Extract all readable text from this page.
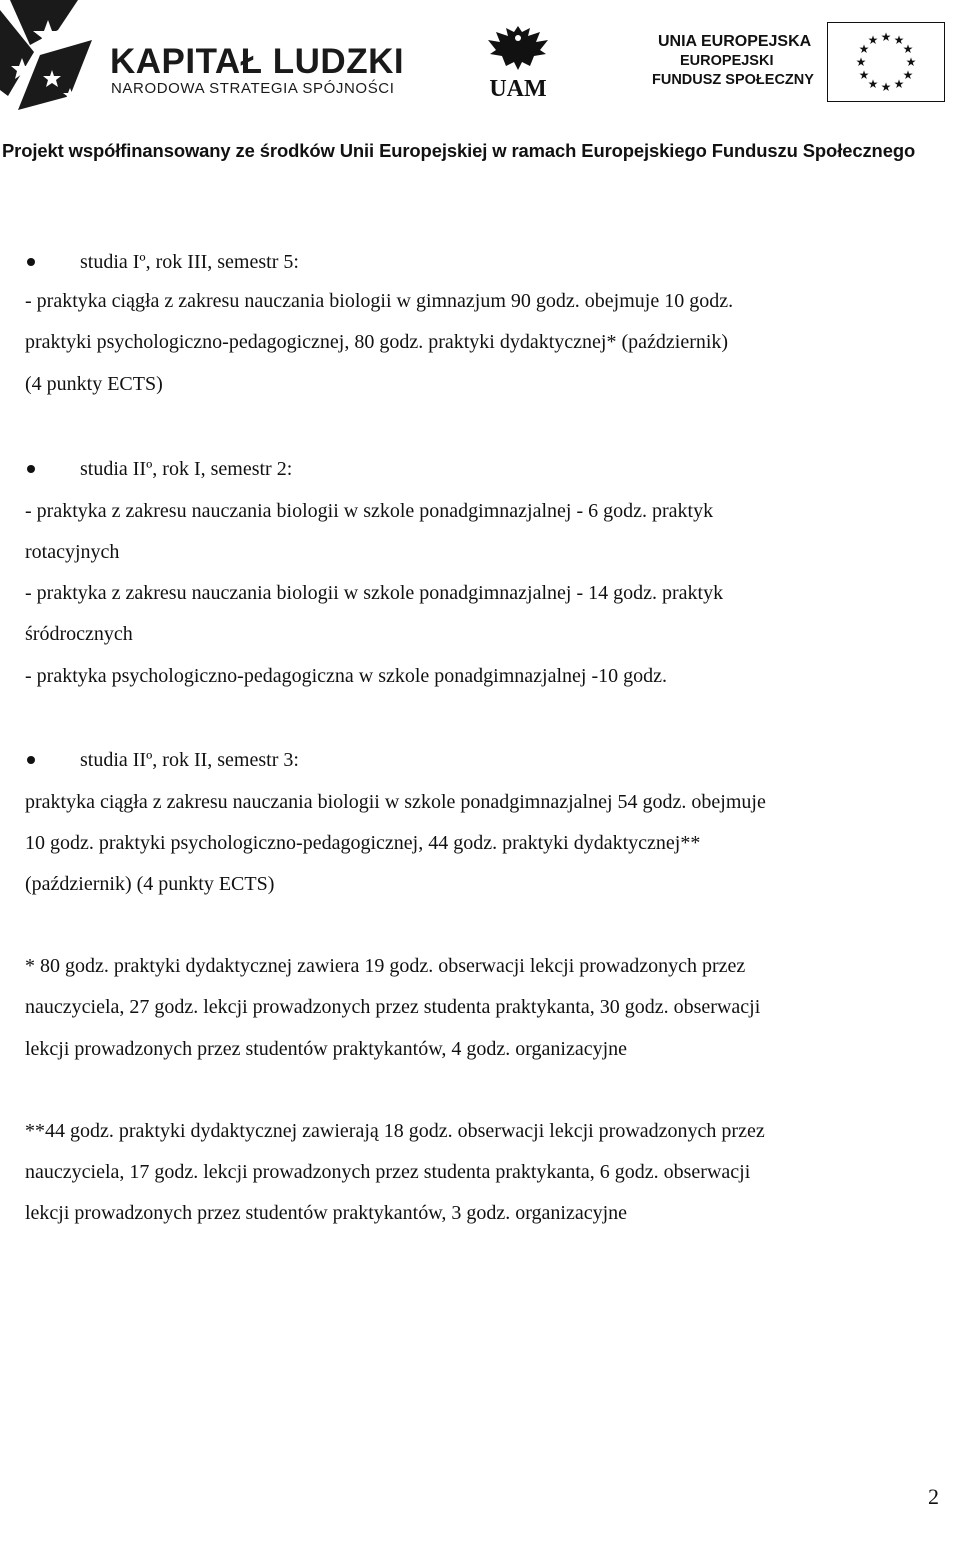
KAPITAŁ LUDZKI
NARODOWA STRATEGIA SPÓJNOŚCI	UAM
UNIA EUROPEJSKA
EUROPEJSKI
FUNDUSZ SPOŁECZNY
★ ★
★
★
★
★
★
★
★
★
★
★
Projekt współfinansowany ze środków Unii Europejskiej w ramach Europejskiego Funduszu Społecznego
studia Iº, rok III, semestr 5:
- praktyka ciągła z zakresu nauczania biologii w gimnazjum 90 godz. obejmuje 10 godz.
praktyki psychologiczno-pedagogicznej, 80 godz. praktyki dydaktycznej* (październik)
(4 punkty ECTS)
studia IIº, rok I, semestr 2:
- praktyka z zakresu nauczania biologii w szkole ponadgimnazjalnej - 6 godz. praktyk
rotacyjnych
- praktyka z zakresu nauczania biologii w szkole ponadgimnazjalnej - 14 godz. praktyk
śródrocznych
- praktyka psychologiczno-pedagogiczna w szkole ponadgimnazjalnej -10 godz.
studia IIº, rok II, semestr 3:
praktyka ciągła z zakresu nauczania biologii w szkole ponadgimnazjalnej 54 godz. obejmuje
10 godz. praktyki psychologiczno-pedagogicznej, 44 godz. praktyki dydaktycznej**
(październik) (4 punkty ECTS)
* 80 godz. praktyki dydaktycznej zawiera 19 godz. obserwacji lekcji prowadzonych przez
nauczyciela, 27 godz. lekcji prowadzonych przez studenta praktykanta, 30 godz. obserwacji
lekcji prowadzonych przez studentów praktykantów, 4 godz. organizacyjne
**44 godz. praktyki dydaktycznej zawierają 18 godz. obserwacji lekcji prowadzonych przez
nauczyciela, 17 godz. lekcji prowadzonych przez studenta praktykanta, 6 godz. obserwacji
lekcji prowadzonych przez studentów praktykantów, 3 godz. organizacyjne
2
